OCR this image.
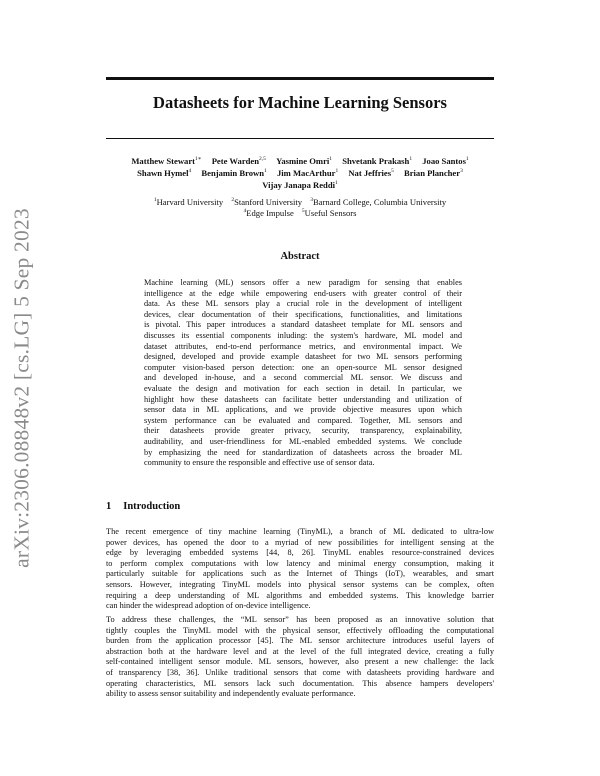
arXiv:2306.08848v2 [cs.LG] 5 Sep 2023
Datasheets for Machine Learning Sensors
Matthew Stewart$^{1∗}$ Pete Warden$^{2,5}$ Yasmine Omri$^1$ Shvetank Prakash$^1$ Joao Santos$^1$
Shawn Hymel$^4$ Benjamin Brown$^1$ Jim MacArthur$^1$ Nat Jeffries$^5$ Brian Plancher$^3$
Vijay Janapa Reddi$^1$
$^1$Harvard University $^2$Stanford University $^3$Barnard College, Columbia University
$^4$Edge Impulse $^5$Useful Sensors
Abstract
Machine learning (ML) sensors offer a new paradigm for sensing that enables
intelligence at the edge while empowering end-users with greater control of their
data. As these ML sensors play a crucial role in the development of intelligent
devices, clear documentation of their specifications, functionalities, and limitations
is pivotal. This paper introduces a standard datasheet template for ML sensors and
discusses its essential components inluding: the system's hardware, ML model and
dataset attributes, end-to-end performance metrics, and environmental impact. We
designed, developed and provide example datasheet for two ML sensors performing
computer vision-based person detection: one an open-source ML sensor designed
and developed in-house, and a second commercial ML sensor. We discuss and
evaluate the design and motivation for each section in detail. In particular, we
highlight how these datasheets can facilitate better understanding and utilization of
sensor data in ML applications, and we provide objective measures upon which
system performance can be evaluated and compared. Together, ML sensors and
their datasheets provide greater privacy, security, transparency, explainability,
auditability, and user-friendliness for ML-enabled embedded systems. We conclude
by emphasizing the need for standardization of datasheets across the broader ML
community to ensure the responsible and effective use of sensor data.
1 Introduction
The recent emergence of tiny machine learning (TinyML), a branch of ML dedicated to ultra-low
power devices, has opened the door to a myriad of new possibilities for intelligent sensing at the
edge by leveraging embedded systems [44, 8, 26]. TinyML enables resource-constrained devices
to perform complex computations with low latency and minimal energy consumption, making it
particularly suitable for applications such as the Internet of Things (IoT), wearables, and smart
sensors. However, integrating TinyML models into physical sensor systems can be complex, often
requiring a deep understanding of ML algorithms and embedded systems. This knowledge barrier
can hinder the widespread adoption of on-device intelligence.
To address these challenges, the “ML sensor” has been proposed as an innovative solution that
tightly couples the TinyML model with the physical sensor, effectively offloading the computational
burden from the application processor [45]. The ML sensor architecture introduces useful layers of
abstraction both at the hardware level and at the level of the full integrated device, creating a fully
self-contained intelligent sensor module. ML sensors, however, also present a new challenge: the lack
of transparency [38, 36]. Unlike traditional sensors that come with datasheets providing hardware and
operating characteristics, ML sensors lack such documentation. This absence hampers developers'
ability to assess sensor suitability and independently evaluate performance.
